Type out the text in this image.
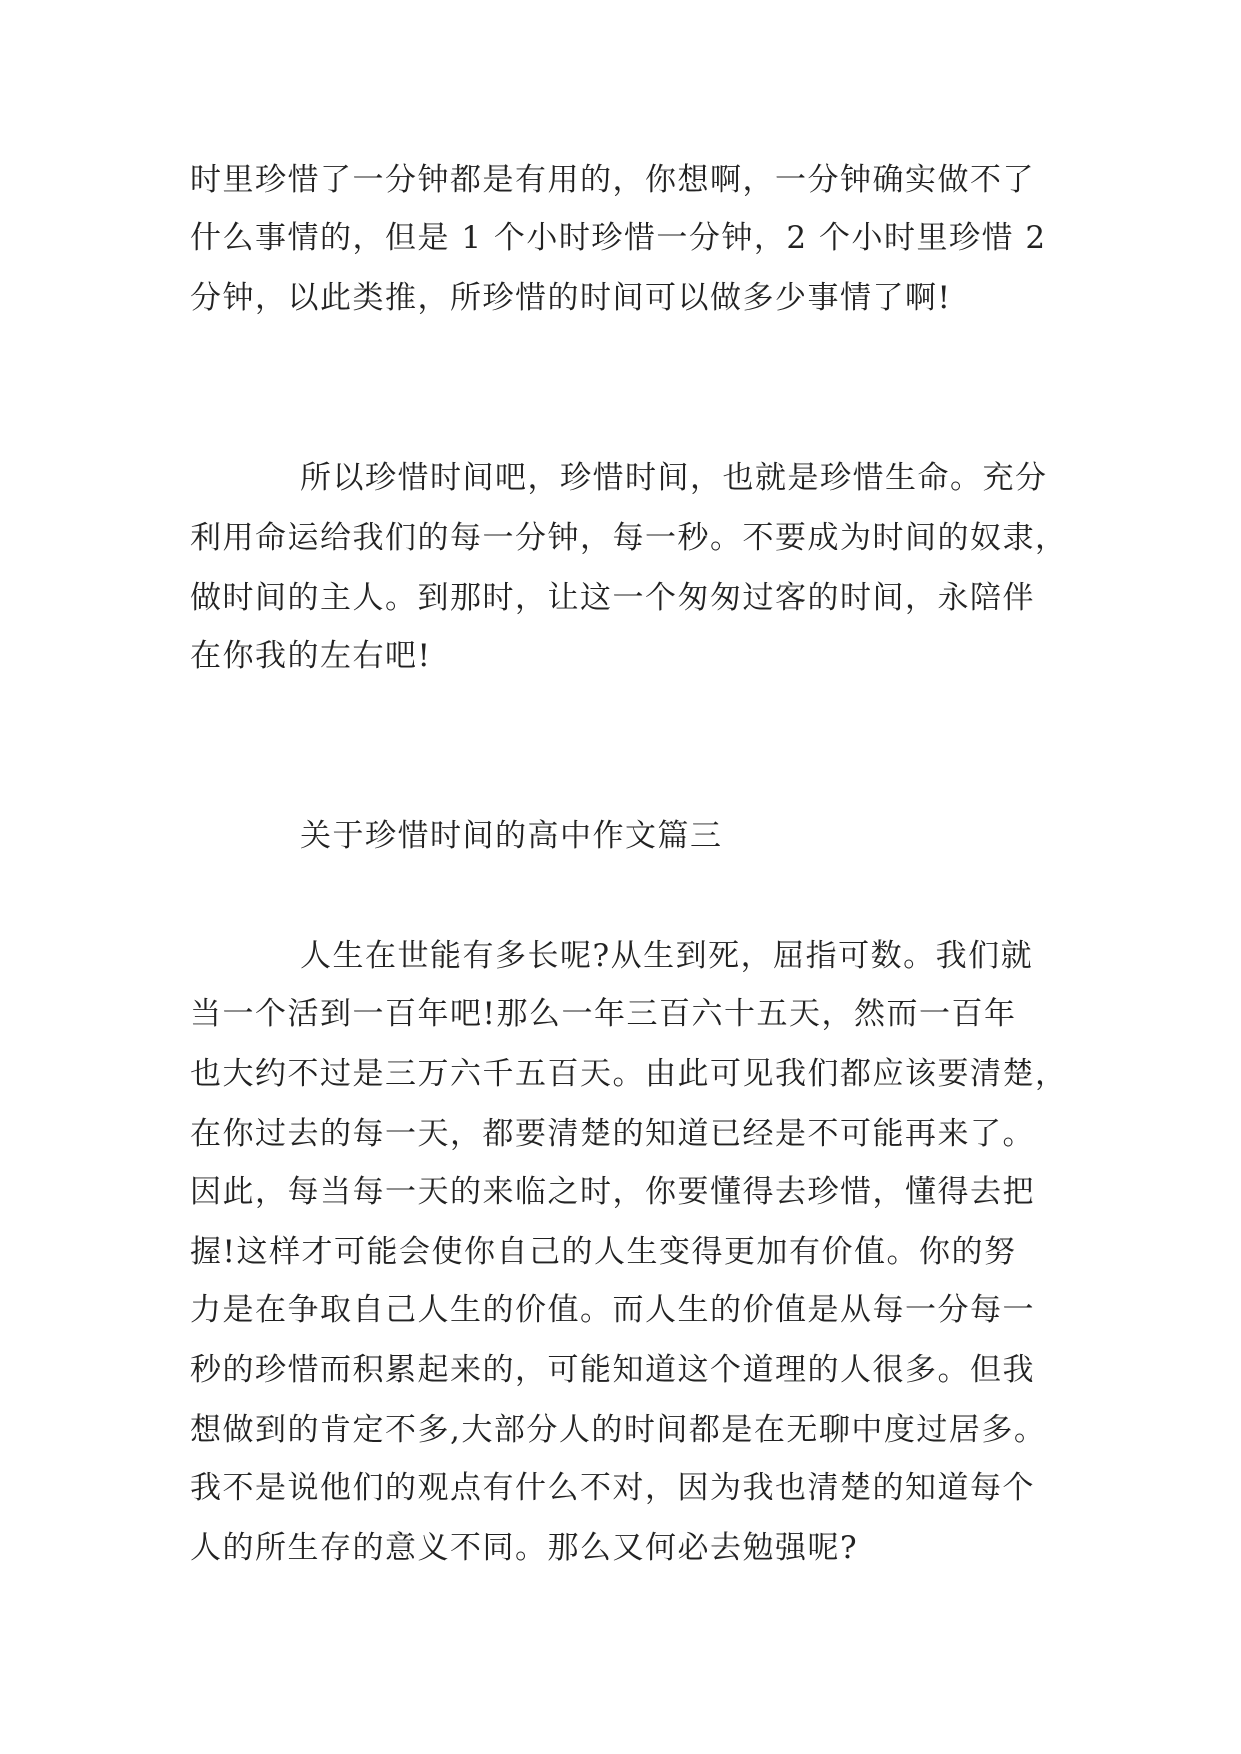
时里珍惜了一分钟都是有用的，你想啊，一分钟确实做不了

什么事情的，但是 1 个小时珍惜一分钟，2 个小时里珍惜 2

分钟，以此类推，所珍惜的时间可以做多少事情了啊!

所以珍惜时间吧，珍惜时间，也就是珍惜生命。充分

利用命运给我们的每一分钟，每一秒。不要成为时间的奴隶，

做时间的主人。到那时，让这一个匆匆过客的时间，永陪伴

在你我的左右吧!

关于珍惜时间的高中作文篇三

人生在世能有多长呢?从生到死，屈指可数。我们就

当一个活到一百年吧!那么一年三百六十五天，然而一百年

也大约不过是三万六千五百天。由此可见我们都应该要清楚，

在你过去的每一天，都要清楚的知道已经是不可能再来了。

因此，每当每一天的来临之时，你要懂得去珍惜，懂得去把

握!这样才可能会使你自己的人生变得更加有价值。你的努

力是在争取自己人生的价值。而人生的价值是从每一分每一

秒的珍惜而积累起来的，可能知道这个道理的人很多。但我

想做到的肯定不多,大部分人的时间都是在无聊中度过居多。

我不是说他们的观点有什么不对，因为我也清楚的知道每个

人的所生存的意义不同。那么又何必去勉强呢?
